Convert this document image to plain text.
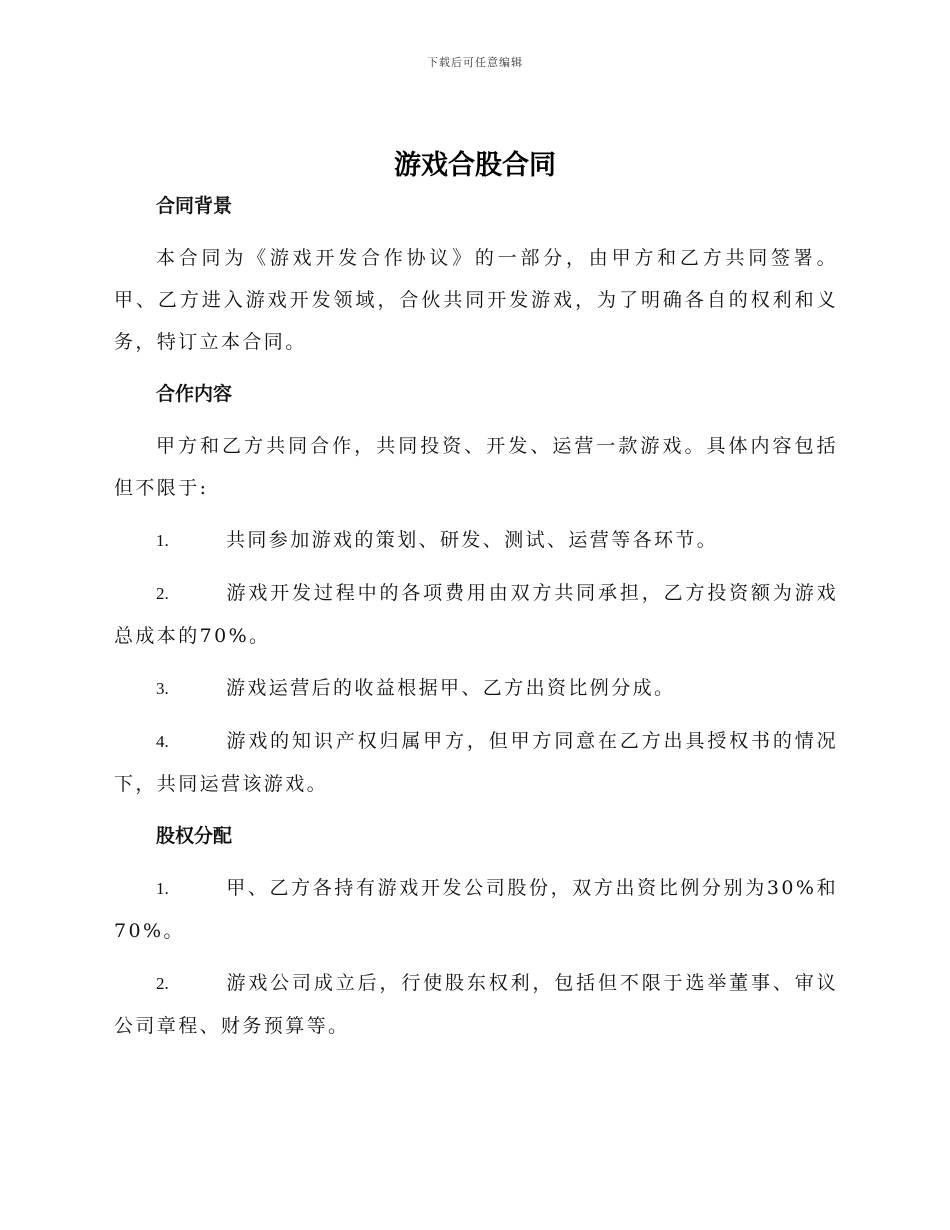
下载后可任意编辑
游戏合股合同
合同背景

本合同为《游戏开发合作协议》的一部分，由甲方和乙方共同签署。甲、乙方进入游戏开发领域，合伙共同开发游戏，为了明确各自的权利和义务，特订立本合同。

合作内容

甲方和乙方共同合作，共同投资、开发、运营一款游戏。具体内容包括但不限于:

1.	共同参加游戏的策划、研发、测试、运营等各环节。

2.	游戏开发过程中的各项费用由双方共同承担，乙方投资额为游戏总成本的70%。

3.	游戏运营后的收益根据甲、乙方出资比例分成。

4.	游戏的知识产权归属甲方，但甲方同意在乙方出具授权书的情况下，共同运营该游戏。

股权分配

1.	甲、乙方各持有游戏开发公司股份，双方出资比例分别为30%和70%。

2.	游戏公司成立后，行使股东权利，包括但不限于选举董事、审议公司章程、财务预算等。
